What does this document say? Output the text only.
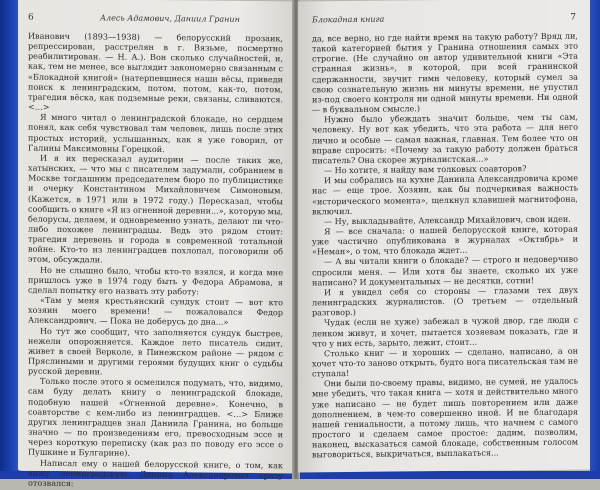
6	Алесь Адамович, Даниил Гранин

Иванович (1893—1938) — белорусский прозаик, репрессирован, расстрелян в г. Вязьме, посмертно реабилитирован. — Н. А.). Вон сколько случайностей, и, как, тем не менее, все выглядит закономерно связанным с «Блокадной книгой» (натерпевшиеся наши вёсы, приведи поиск к ленинградским, потом, потом, как-то, потом, трагедия вёска, как подземные реки, связаны, сливаются. <…>

Я много читал о ленинградской блокаде, но сердцем понял, как себя чувствовал там человек, лишь после этих простых историй, услышанных, как я уже говорил, от Галины Максимовны Горецкой.

И я их пересказал аудитории — после таких же, хатынских, — что мы с писателем задумали, собранием в Москве тогдашним председателем бюро по публицистике и очерку Константином Михайловичем Симоновым. (Кажется, в 1971 или в 1972 году.) Пересказал, чтобы сообщить о книге «Я из огненной деревни...», которую мы, белорусы, делаем, и одновременно узнать, делают ли что-либо похожее ленинградцы. Ведь это рядом стоит: трагедия деревень и города в современной тотальной войне. Кто-то из ленинградцев похлопал, поговорили об этом, обсуждали.

Но не слышно было, чтобы кто-то взялся, и когда мне пришлось уже в 1974 году быть у Федора Абрамова, я сделал попытку его назвать эту работу:

«Там у меня крестьянский сундук стоит — вот кто хозяин моего времени! — пожаловался Федор Александрович. — Пока не доберусь до дна...»

Но тут же сообщит, что заполняется сундук быстрее, нежели опорожняется. Каждое лето писатель сидит, живет в своей Верколе, в Пинежском районе — рядом с Пряслиными и другими героями будущих книг о судьбы русской деревни.

Только после этого я осмелился подумать, что, видимо, сам буду делать книгу о ленинградской блокаде, подобную нашей «Огненной деревне». Конечно, в соавторстве с кем-либо из ленинградцев. <…> Ближе других ленинградцев знал Даниила Гранина, но больше значно — по произведениям его, превосходным эссе и через короткую переписку (как раз по поводу его эссе о Пушкине и Булгарине).

Написал ему о нашей белорусской книге, о том, как вижу ленинградскую. Даниил Александрович сразу отозвался:

Блокадная книга	7

да, все верно, но где найти время на такую работу? Вряд ли, такой категорией бытия у Гранина отношения самых это строгие. (Не случайно он автор удивительной книги «Эта странная жизнь», в которой, при всей гранинской сдержанности, звучит гимн человеку, который сумел за свою сознательную жизнь ни минуты времени, не упустил из-под своего контроля ни одной минуты времени. Ни одной — в буквальном смысле.)

Нужно было убеждать значит больше, чем ты сам, человеку. Ну вот как убедить, что эта работа — для него лично и особые — самая важная, главная. Тем более что он вправе спросить: «Почему за такую работу должен браться писатель? Она скорее журналистская...»

— Но хотите, я найду вам толковых соавторов?

И мы собрались на кухне Даниила Александровича кроме нас — еще трое. Хозяин, как бы подчеркивая важность «исторического момента», щелкнул клавишей магнитофона, включил.

— Ну, выкладывайте, Александр Михайлович, свои идеи.

Я — все сначала: о нашей белорусской книге, которая уже частично опубликована в журналах «Октябрь» и «Неман», о том, что блокада ждет...

— А вы читали книги о блокаде? — строго и недоверчиво спросили меня. — Или хотя бы знаете, сколько их уже написано? И документальных — не десятки, сотни!

И я увидел себя со стороны — глазами тех двух ленинградских журналистов. (О третьем — отдельный разговор.)

Чудак (если не хуже) забежал в чужой двор, где люди с ленком живут, и хочет, пытается хозяевам показать, где и что у них есть, зарыто, лежит, стоит...

Столько книг — и хороших — сделано, написано, а он хочет что-то заново открыть, будто нога писательская там не ступала!

Они были по-своему правы, видимо, не сумей, не удалось мне убедить, что такая книга — хотя и действительно много уже написано — не будет лишь повторением или даже дополнением, в чем-то совершенно иной. И не благодаря нашей гениальности, а потому лишь, что начнем с самого простого и сделаем самое простое: дадим, позволим, наконец, высказаться самой блокаде, собственным голосом выговориться, выкричаться, выплакаться...
